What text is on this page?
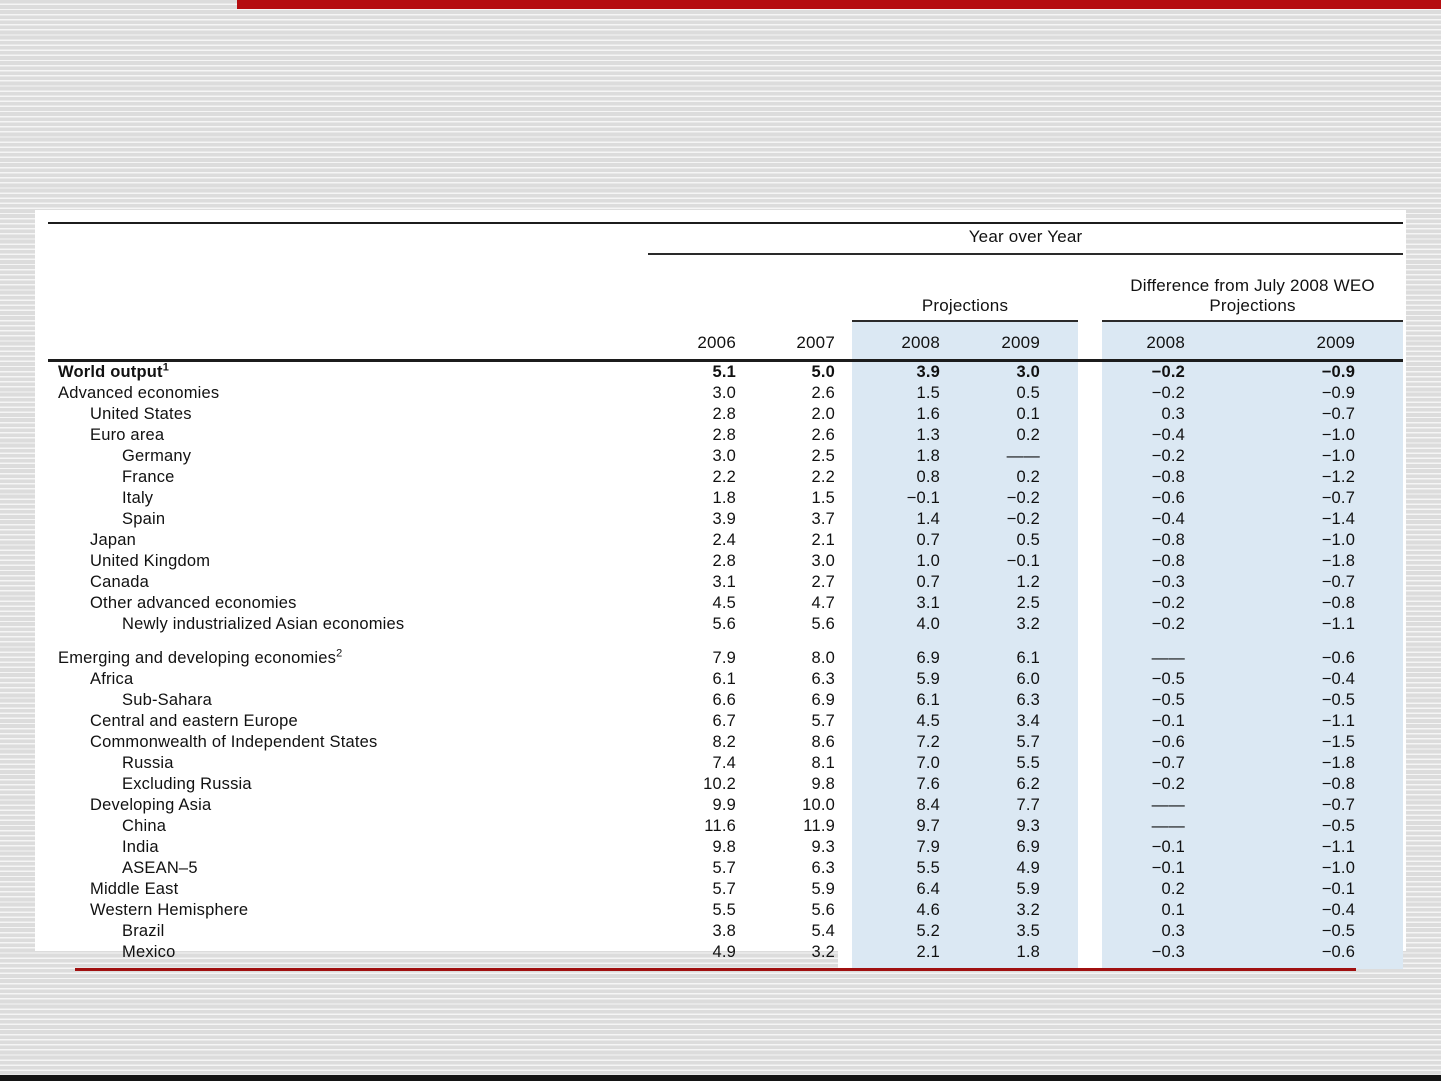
	Year over Year							
				Projections			Difference from July 2008 WEO Projections	
	2006	2007		2008	2009		2008	2009
World output$^1$	5.1	5.0		3.9	3.0		−0.2	−0.9
Advanced economies	3.0	2.6		1.5	0.5		−0.2	−0.9
United States	2.8	2.0		1.6	0.1		0.3	−0.7
Euro area	2.8	2.6		1.3	0.2		−0.4	−1.0
Germany	3.0	2.5		1.8	——		−0.2	−1.0
France	2.2	2.2		0.8	0.2		−0.8	−1.2
Italy	1.8	1.5		−0.1	−0.2		−0.6	−0.7
Spain	3.9	3.7		1.4	−0.2		−0.4	−1.4
Japan	2.4	2.1		0.7	0.5		−0.8	−1.0
United Kingdom	2.8	3.0		1.0	−0.1		−0.8	−1.8
Canada	3.1	2.7		0.7	1.2		−0.3	−0.7
Other advanced economies	4.5	4.7		3.1	2.5		−0.2	−0.8
Newly industrialized Asian economies	5.6	5.6		4.0	3.2		−0.2	−1.1
Emerging and developing economies$^2$	7.9	8.0		6.9	6.1		——	−0.6
Africa	6.1	6.3		5.9	6.0		−0.5	−0.4
Sub-Sahara	6.6	6.9		6.1	6.3		−0.5	−0.5
Central and eastern Europe	6.7	5.7		4.5	3.4		−0.1	−1.1
Commonwealth of Independent States	8.2	8.6		7.2	5.7		−0.6	−1.5
Russia	7.4	8.1		7.0	5.5		−0.7	−1.8
Excluding Russia	10.2	9.8		7.6	6.2		−0.2	−0.8
Developing Asia	9.9	10.0		8.4	7.7		——	−0.7
China	11.6	11.9		9.7	9.3		——	−0.5
India	9.8	9.3		7.9	6.9		−0.1	−1.1
ASEAN–5	5.7	6.3		5.5	4.9		−0.1	−1.0
Middle East	5.7	5.9		6.4	5.9		0.2	−0.1
Western Hemisphere	5.5	5.6		4.6	3.2		0.1	−0.4
Brazil	3.8	5.4		5.2	3.5		0.3	−0.5
Mexico	4.9	3.2		2.1	1.8		−0.3	−0.6
